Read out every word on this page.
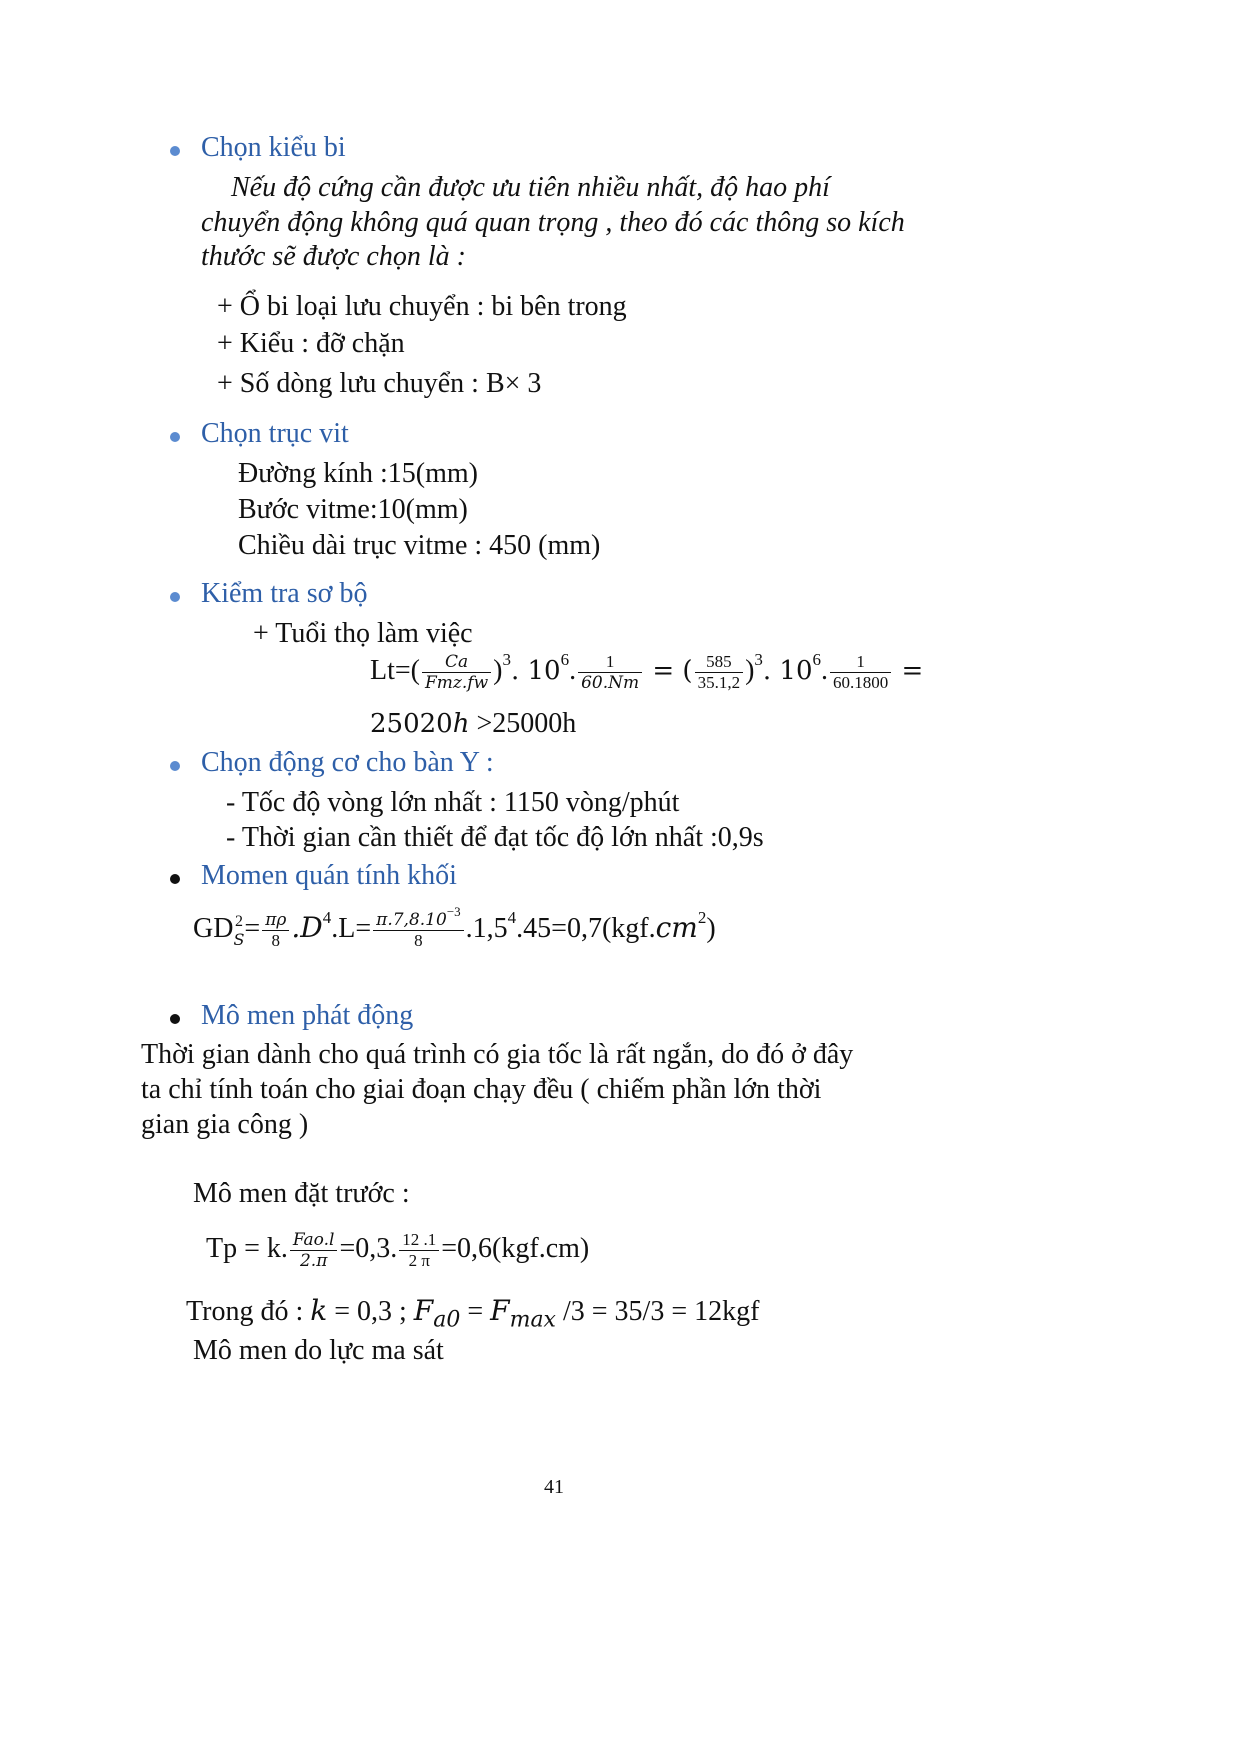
Chọn kiểu bi
Nếu độ cứng cần được ưu tiên nhiều nhất, độ hao phí
chuyển động không quá quan trọng , theo đó các thông so kích
thước sẽ được chọn là :
+ Ổ bi loại lưu chuyển : bi bên trong
+ Kiểu : đỡ chặn
+ Số dòng lưu chuyển : B× 3
Chọn trục vit
Đường kính :15(mm)
Bước vitme:10(mm)
Chiều dài trục vitme : 450 (mm)
Kiểm tra sơ bộ
+ Tuổi thọ làm việc
$Lt=( \frac{Ca}{\text{Fmz.fw}} )^3$. $10^6$. $\frac{1}{60.Nm}$ = ( $\frac{585}{35.1,2} )^3$. $10^6$. $\frac{1}{60.1800}$ =
25020h >25000h
Chọn động cơ cho bàn Y :
- Tốc độ vòng lớn nhất : 1150 vòng/phút
- Thời gian cần thiết để đạt tốc độ lớn nhất :0,9s
Momen quán tính khối
GD 2
$S = \frac{\pi\rho}{8} .D^4.L= \frac{\pi.7,8.10^{-3}}{8} .1,5^4.45=0,7(kgf.cm^2)$
Mô men phát động
Thời gian dành cho quá trình có gia tốc là rất ngắn, do đó ở đây
ta chỉ tính toán cho giai đoạn chạy đều ( chiếm phần lớn thời
gian gia công )
Mô men đặt trước :
Tp = k. $\frac{\text{Fao.l}}{2.\pi} =0,3$. $\frac{12 .1}{2 \pi} =0,6(kgf.cm)$
Trong đó : k = 0,3 ; $F_{a0} = F_{max}$ /3 = 35/3 = 12kgf
Mô men do lực ma sát
41
